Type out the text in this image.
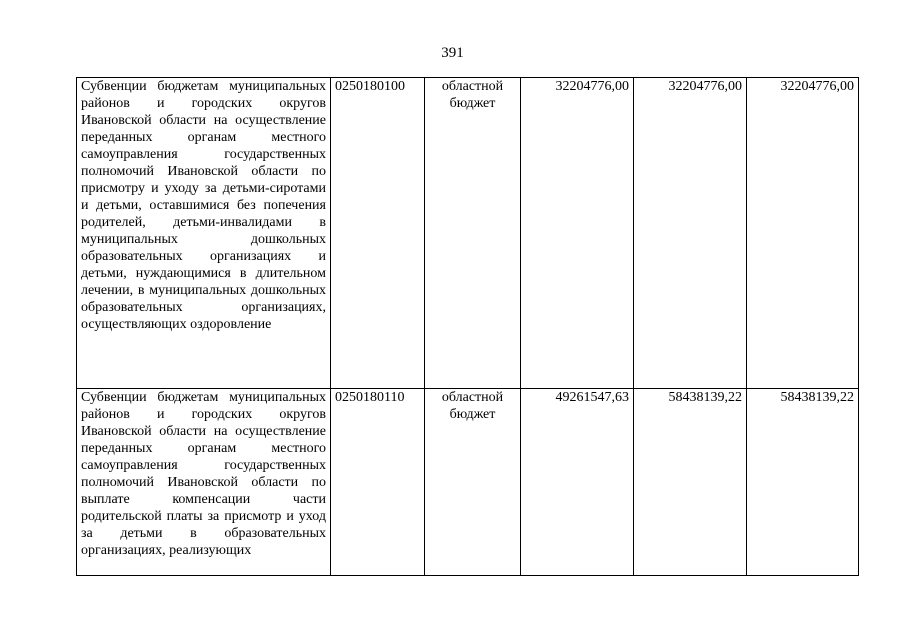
391
Субвенции бюджетам муниципальных районов и городских округов Ивановской области на осуществление переданных органам местного самоуправления государственных полномочий Ивановской области по присмотру и уходу за детьми-сиротами и детьми, оставшимися без попечения родителей, детьми-инвалидами в муниципальных дошкольных образовательных организациях и детьми, нуждающимися в длительном лечении, в муниципальных дошкольных образовательных организациях, осуществляющих оздоровление	0250180100	областной бюджет	32204776,00	32204776,00	32204776,00
Субвенции бюджетам муниципальных районов и городских округов Ивановской области на осуществление переданных органам местного самоуправления государственных полномочий Ивановской области по выплате компенсации части родительской платы за присмотр и уход за детьми в образовательных организациях, реализующих	0250180110	областной бюджет	49261547,63	58438139,22	58438139,22
